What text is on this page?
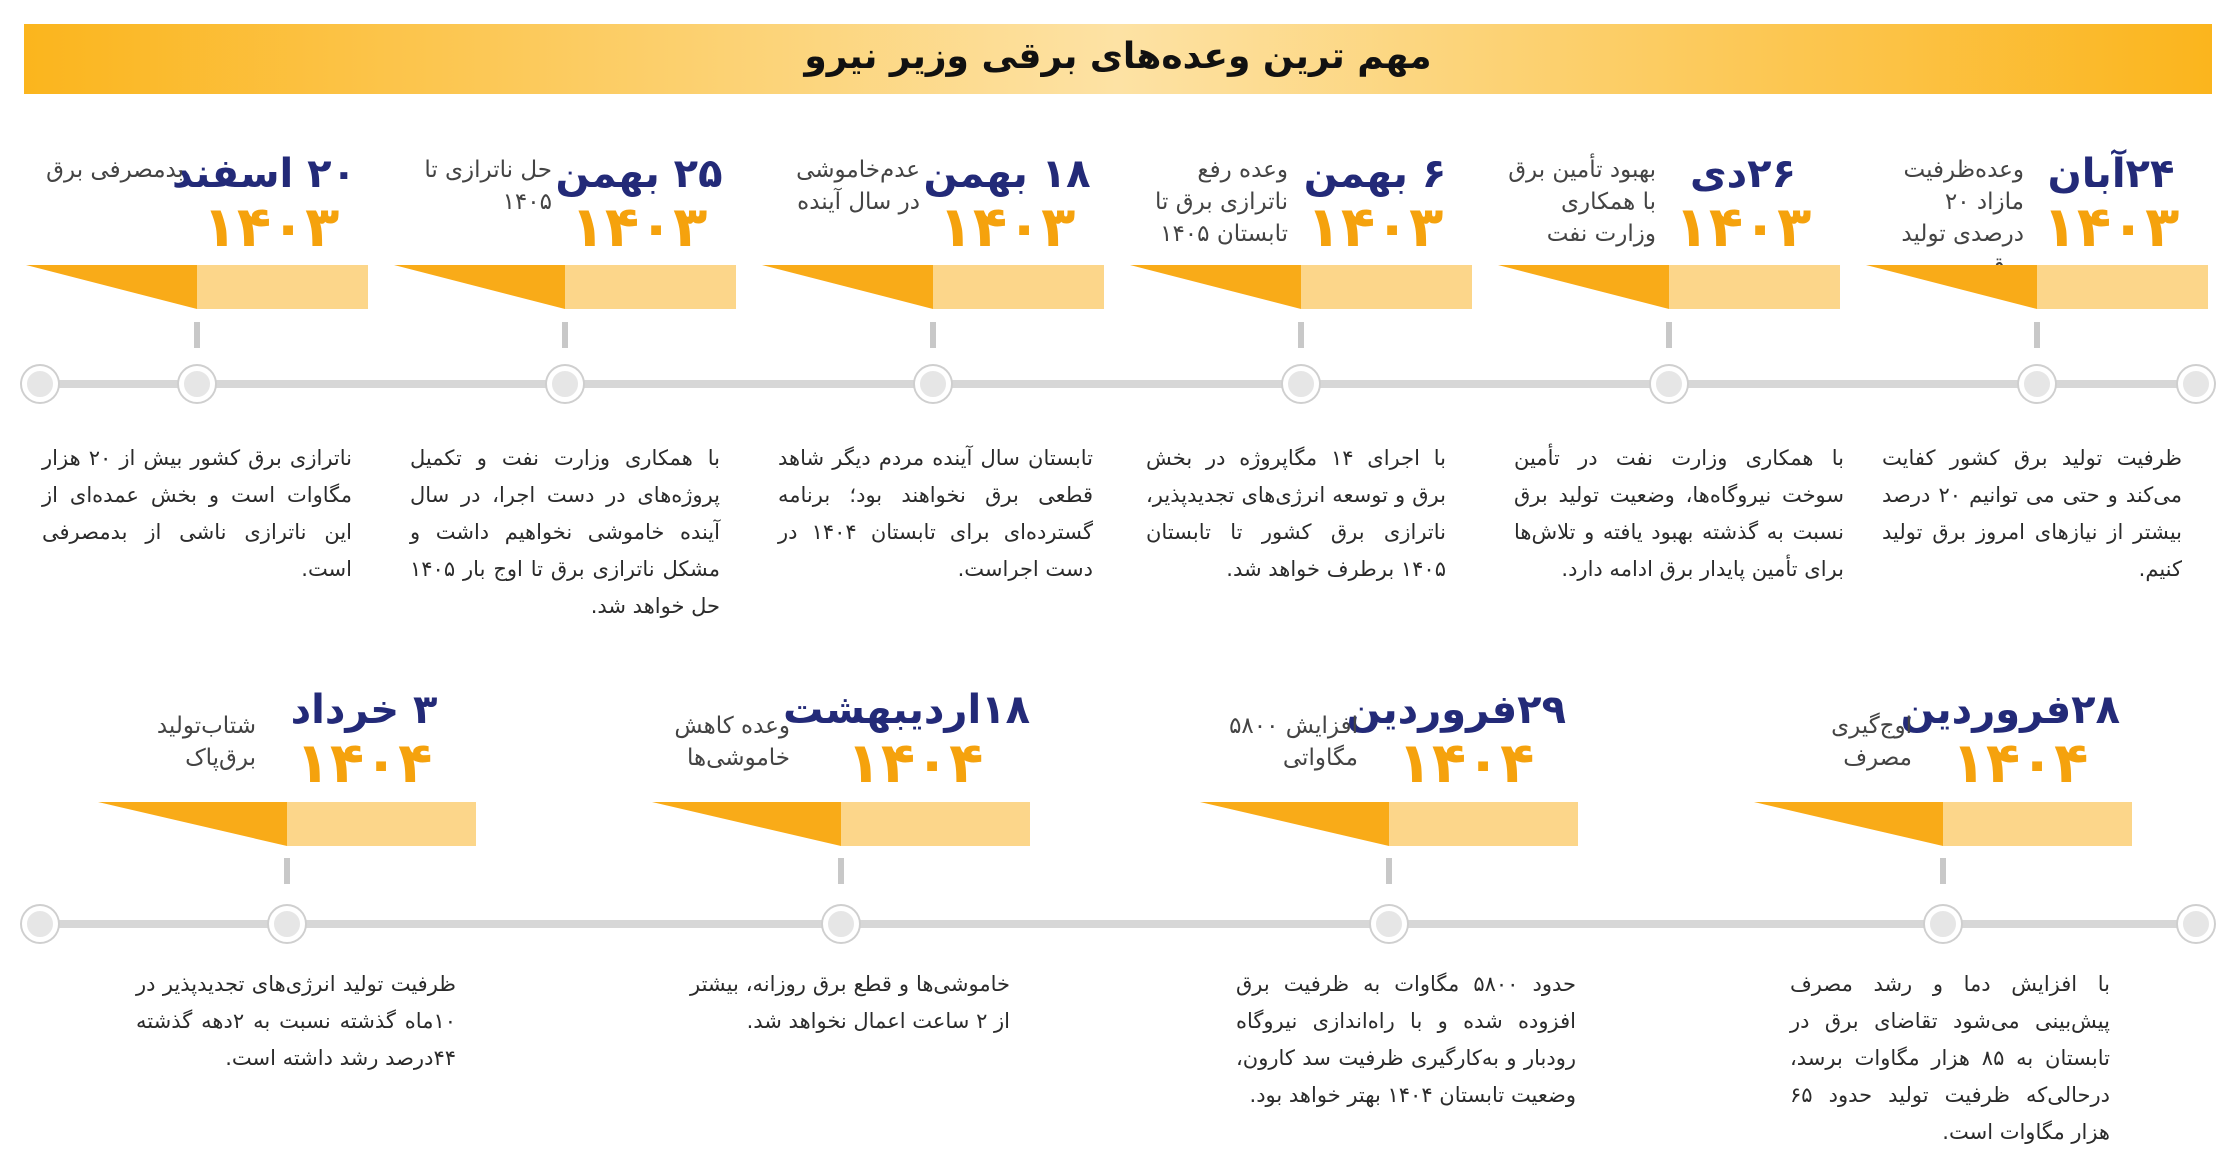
مهم ترین وعده‌های برقی وزیر نیرو
۲۴آبان
۱۴۰۳
وعده‌ظرفیت مازاد ۲۰ درصدی تولید
۲۶دی
۱۴۰۳
بهبود تأمین برق با همکاری وزارت نفت
۶ بهمن
۱۴۰۳
وعده رفع ناترازی برق تا تابستان ۱۴۰۵
۱۸ بهمن
۱۴۰۳
عدم‌خاموشی در سال آینده
۲۵ بهمن
۱۴۰۳
حل ناترازی تا ۱۴۰۵
۲۰ اسفند
۱۴۰۳
بدمصرفی برق
ظرفیت تولید برق کشور کفایت می‌کند و حتی می توانیم ۲۰ درصد بیشتر از نیازهای امروز برق تولید کنیم.
با همکاری وزارت نفت در تأمین سوخت نیروگاه‌ها، وضعیت تولید برق نسبت به گذشته بهبود یافته و تلاش‌ها برای تأمین پایدار برق ادامه دارد.
با اجرای ۱۴ مگاپروژه در بخش برق و توسعه انرژی‌های تجدیدپذیر، ناترازی برق کشور تا تابستان ۱۴۰۵ برطرف خواهد شد.
تابستان سال آینده مردم دیگر شاهد قطعی برق نخواهند بود؛ برنامه گسترده‌ای برای تابستان ۱۴۰۴ در دست اجراست.
با همکاری وزارت نفت و تکمیل پروژه‌های در دست اجرا، در سال آینده خاموشی نخواهیم داشت و مشکل ناترازی برق تا اوج بار ۱۴۰۵ حل خواهد شد.
ناترازی برق کشور بیش از ۲۰ هزار مگاوات است و بخش عمده‌ای از این ناترازی ناشی از بدمصرفی است.
۲۸فروردین
۱۴۰۴
اوج‌گیری مصرف
۲۹فروردین
۱۴۰۴
افزایش ۵۸۰۰ مگاواتی
۱۸اردیبهشت
۱۴۰۴
وعده کاهش خاموشی‌ها
۳ خرداد
۱۴۰۴
شتاب‌تولید برق‌پاک
با افزایش دما و رشد مصرف پیش‌بینی می‌شود تقاضای برق در تابستان به ۸۵ هزار مگاوات برسد، درحالی‌که ظرفیت تولید حدود ۶۵ هزار مگاوات است.
حدود ۵۸۰۰ مگاوات به ظرفیت برق افزوده شده و با راه‌اندازی نیروگاه رودبار و به‌کارگیری ظرفیت سد کارون، وضعیت تابستان ۱۴۰۴ بهتر خواهد بود.
خاموشی‌ها و قطع برق روزانه، بیشتر از ۲ ساعت اعمال نخواهد شد.
ظرفیت تولید انرژی‌های تجدیدپذیر در ۱۰ماه گذشته نسبت به ۲دهه گذشته ۴۴درصد رشد داشته است.
